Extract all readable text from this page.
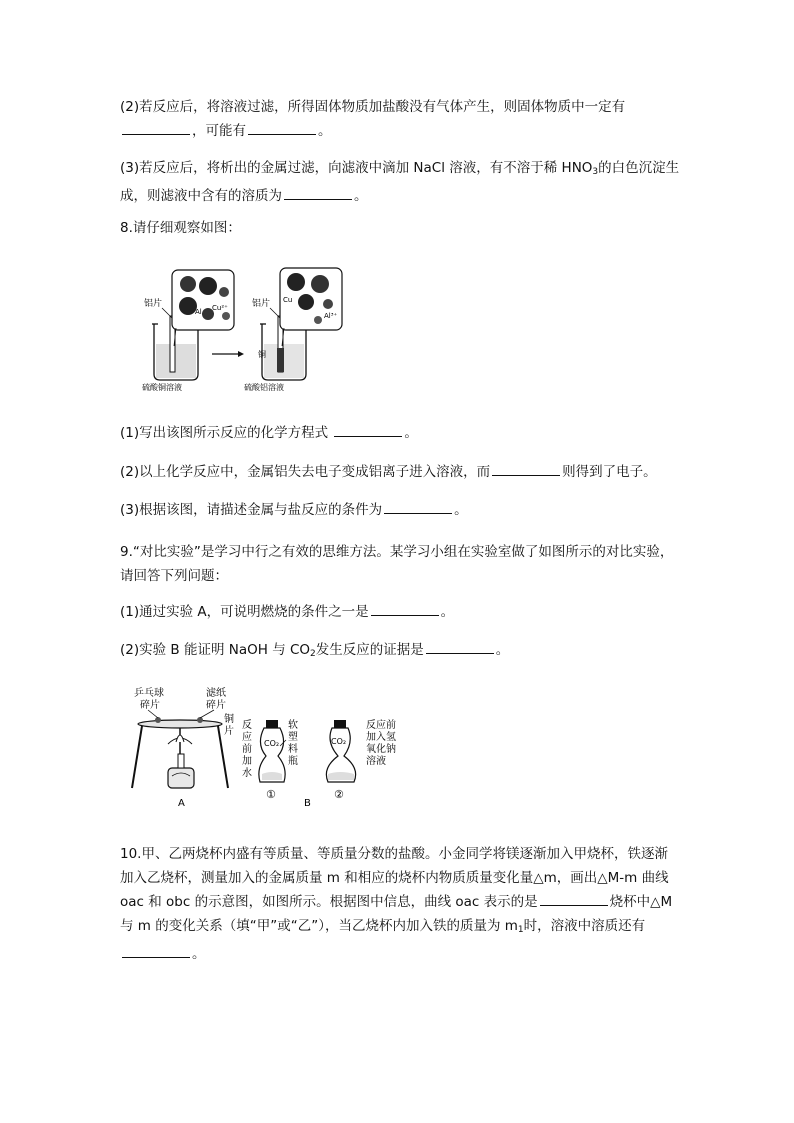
(2)若反应后，将溶液过滤，所得固体物质加盐酸没有气体产生，则固体物质中一定有
，可能有	。
(3)若反应后，将析出的金属过滤，向滤液中滴加 NaCl 溶液，有不溶于稀 $HNO_3$的白色沉淀生成，则滤液中含有的溶质为	。
8.请仔细观察如图：
铝片
硫酸铜溶液
Al Cu²⁺	铝片
铜
硫酸铝溶液
Cu
Al³⁺
(1)写出该图所示反应的化学方程式	。
(2)以上化学反应中，金属铝失去电子变成铝离子进入溶液，而	则得到了电子。
(3)根据该图，请描述金属与盐反应的条件为	。
9.“对比实验”是学习中行之有效的思维方法。某学习小组在实验室做了如图所示的对比实验，请回答下列问题：
(1)通过实验 A，可说明燃烧的条件之一是	。
(2)实验 B 能证明 NaOH 与 $CO_2$发生反应的证据是	。
乒乓球
碎片
滤纸
碎片
铜
片
A
反应前加水
CO₂
①
软塑料瓶
CO₂
②
反应前加入氢氧化钠溶液
B
10.甲、乙两烧杯内盛有等质量、等质量分数的盐酸。小金同学将镁逐渐加入甲烧杯，铁逐渐加入乙烧杯，测量加入的金属质量 m 和相应的烧杯内物质质量变化量△m，画出△M-m 曲线 oac 和 obc 的示意图，如图所示。根据图中信息，曲线 oac 表示的是	烧杯中△M 与 m 的变化关系（填“甲”或“乙”），当乙烧杯内加入铁的质量为 $m_1$时，溶液中溶质还有。
